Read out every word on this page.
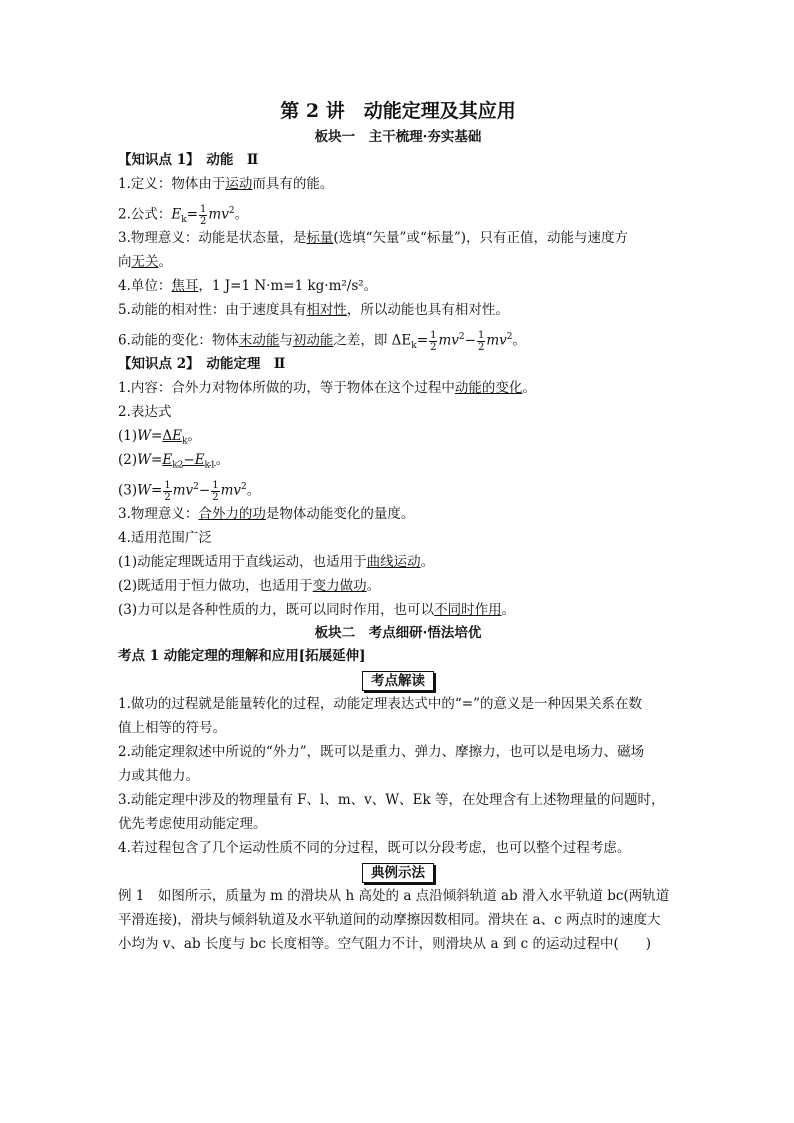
第 2 讲　动能定理及其应用
板块一　主干梳理·夯实基础
【知识点 1】　动能　Ⅱ
1.定义：物体由于运动而具有的能。
2.公式：$E_k= \frac{1}{2} mv^2$。
3.物理意义：动能是状态量，是标量(选填“矢量”或“标量”)，只有正值，动能与速度方
向无关。
4.单位：焦耳，1 J=1 N·m=1 kg·m²/s²。
5.动能的相对性：由于速度具有相对性，所以动能也具有相对性。
6.动能的变化：物体末动能与初动能之差，即 $\Delta E_k= \frac{1}{2} mv^2- \frac{1}{2} mv^2$。
【知识点 2】　动能定理　Ⅱ
1.内容：合外力对物体所做的功，等于物体在这个过程中动能的变化。
2.表达式
$(1)W=\Delta E_k$。
$(2)W=E_{k2}-E_{k1}$。
$(3)W= \frac{1}{2} mv^2- \frac{1}{2} mv^2$。
3.物理意义：合外力的功是物体动能变化的量度。
4.适用范围广泛
(1)动能定理既适用于直线运动，也适用于曲线运动。
(2)既适用于恒力做功，也适用于变力做功。
(3)力可以是各种性质的力，既可以同时作用，也可以不同时作用。
板块二　考点细研·悟法培优
考点 1 动能定理的理解和应用[拓展延伸]
考点解读
1.做功的过程就是能量转化的过程，动能定理表达式中的“=”的意义是一种因果关系在数
值上相等的符号。
2.动能定理叙述中所说的“外力”，既可以是重力、弹力、摩擦力，也可以是电场力、磁场
力或其他力。
3.动能定理中涉及的物理量有 F、l、m、v、W、Ek 等，在处理含有上述物理量的问题时，
优先考虑使用动能定理。
4.若过程包含了几个运动性质不同的分过程，既可以分段考虑，也可以整个过程考虑。
典例示法
例 1　如图所示，质量为 m 的滑块从 h 高处的 a 点沿倾斜轨道 ab 滑入水平轨道 bc(两轨道
平滑连接)，滑块与倾斜轨道及水平轨道间的动摩擦因数相同。滑块在 a、c 两点时的速度大
小均为 v、ab 长度与 bc 长度相等。空气阻力不计，则滑块从 a 到 c 的运动过程中(　　)
